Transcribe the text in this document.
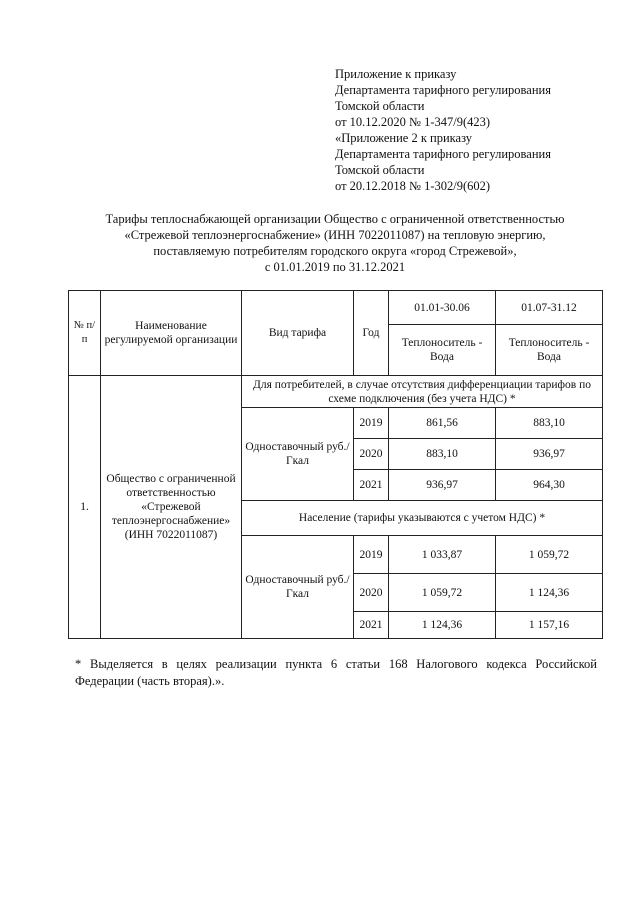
Приложение к приказу
Департамента тарифного регулирования
Томской области
от 10.12.2020 № 1-347/9(423)
«Приложение 2 к приказу
Департамента тарифного регулирования
Томской области
от 20.12.2018 № 1-302/9(602)
Тарифы теплоснабжающей организации Общество с ограниченной ответственностью
«Стрежевой теплоэнергоснабжение» (ИНН 7022011087) на тепловую энергию,
поставляемую потребителям городского округа «город Стрежевой»,
с 01.01.2019 по 31.12.2021
№ п/п	Наименование регулируемой организации	Вид тарифа	Год	01.01-30.06	01.07-31.12
				Теплоноситель - Вода	Теплоноситель - Вода
1.	Общество с ограниченной ответственностью «Стрежевой теплоэнергоснабжение» (ИНН 7022011087)	Для потребителей, в случае отсутствия дифференциации тарифов по схеме подключения (без учета НДС) *			
		Одноставочный руб./Гкал	2019	861,56	883,10
			2020	883,10	936,97
			2021	936,97	964,30
		Население (тарифы указываются с учетом НДС) *			
		Одноставочный руб./Гкал	2019	1 033,87	1 059,72
			2020	1 059,72	1 124,36
			2021	1 124,36	1 157,16
* Выделяется в целях реализации пункта 6 статьи 168 Налогового кодекса Российской Федерации (часть вторая).».
